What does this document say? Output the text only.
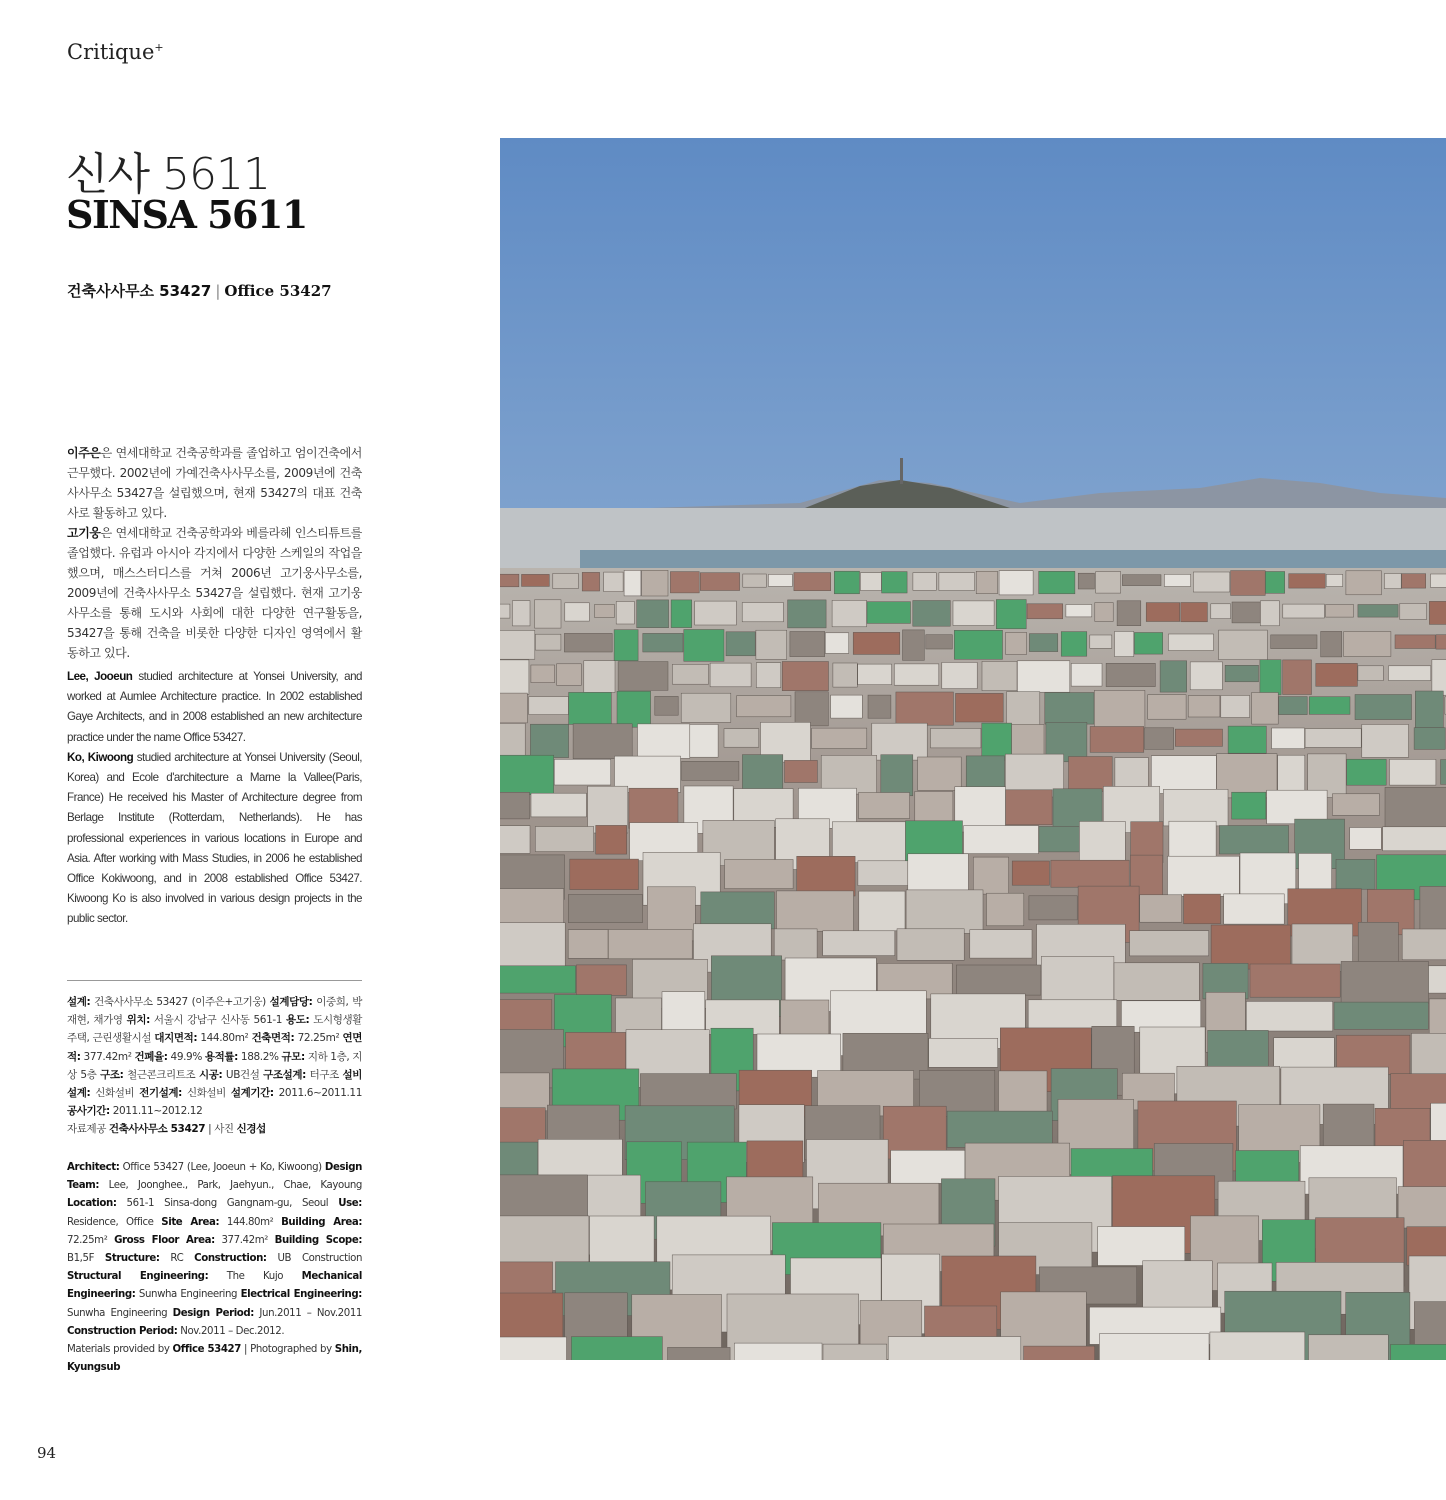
Critique+
신사 5611
SINSA 5611
건축사사무소 53427 | Office 53427

이주은은 연세대학교 건축공학과를 졸업하고 엄이건축에서 근무했다. 2002년에 가예건축사사무소를, 2009년에 건축사사무소 53427을 설립했으며, 현재 53427의 대표 건축사로 활동하고 있다.

고기웅은 연세대학교 건축공학과와 베를라헤 인스티튜트를 졸업했다. 유럽과 아시아 각지에서 다양한 스케일의 작업을 했으며, 매스스터디스를 거쳐 2006년 고기웅사무소를, 2009년에 건축사사무소 53427을 설립했다. 현재 고기웅사무소를 통해 도시와 사회에 대한 다양한 연구활동을, 53427을 통해 건축을 비롯한 다양한 디자인 영역에서 활동하고 있다.

Lee, Jooeun studied architecture at Yonsei University, and worked at Aumlee Architecture practice. In 2002 established Gaye Architects, and in 2008 established an new architecture practice under the name Office 53427.

Ko, Kiwoong studied architecture at Yonsei University (Seoul, Korea) and Ecole d'architecture a Marne la Vallee(Paris, France) He received his Master of Architecture degree from Berlage Institute (Rotterdam, Netherlands). He has professional experiences in various locations in Europe and Asia. After working with Mass Studies, in 2006 he established Office Kokiwoong, and in 2008 established Office 53427. Kiwoong Ko is also involved in various design projects in the public sector.

설계: 건축사사무소 53427 (이주은+고기웅) 설계담당: 이중희, 박재현, 채가영 위치: 서울시 강남구 신사동 561-1 용도: 도시형생활주택, 근린생활시설 대지면적: 144.80m² 건축면적: 72.25m² 연면적: 377.42m² 건폐율: 49.9% 용적률: 188.2% 규모: 지하 1층, 지상 5층 구조: 철근콘크리트조 시공: UB건설 구조설계: 터구조 설비설계: 신화설비 전기설계: 신화설비 설계기간: 2011.6~2011.11 공사기간: 2011.11~2012.12

자료제공 건축사사무소 53427 | 사진 신경섭

Architect: Office 53427 (Lee, Jooeun + Ko, Kiwoong) Design Team: Lee, Joonghee., Park, Jaehyun., Chae, Kayoung Location: 561-1 Sinsa-dong Gangnam-gu, Seoul Use: Residence, Office Site Area: 144.80m² Building Area: 72.25m² Gross Floor Area: 377.42m² Building Scope: B1,5F Structure: RC Construction: UB Construction Structural Engineering: The Kujo Mechanical Engineering: Sunwha Engineering Electrical Engineering: Sunwha Engineering Design Period: Jun.2011 – Nov.2011 Construction Period: Nov.2011 – Dec.2012.

Materials provided by Office 53427 | Photographed by Shin, Kyungsub

94
